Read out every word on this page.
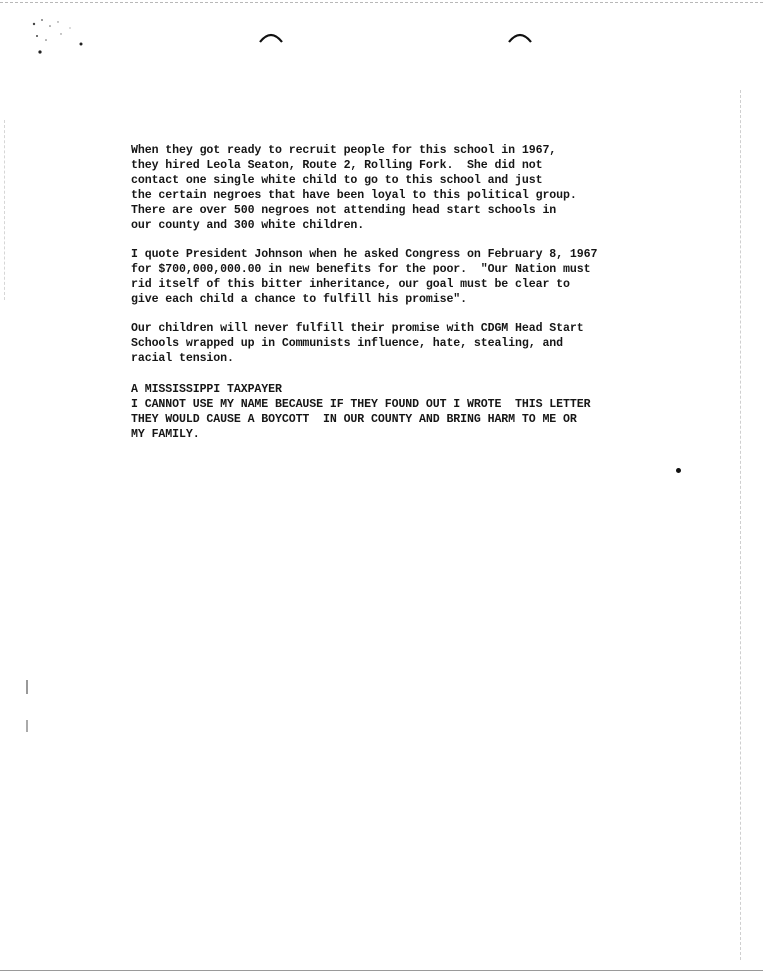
When they got ready to recruit people for this school in 1967,

they hired Leola Seaton, Route 2, Rolling Fork.  She did not

contact one single white child to go to this school and just

the certain negroes that have been loyal to this political group.

There are over 500 negroes not attending head start schools in

our county and 300 white children.

I quote President Johnson when he asked Congress on February 8, 1967

for $700,000,000.00 in new benefits for the poor.  "Our Nation must

rid itself of this bitter inheritance, our goal must be clear to

give each child a chance to fulfill his promise".

Our children will never fulfill their promise with CDGM Head Start

Schools wrapped up in Communists influence, hate, stealing, and

racial tension.

A MISSISSIPPI TAXPAYER

I CANNOT USE MY NAME BECAUSE IF THEY FOUND OUT I WROTE  THIS LETTER

THEY WOULD CAUSE A BOYCOTT  IN OUR COUNTY AND BRING HARM TO ME OR

MY FAMILY.
